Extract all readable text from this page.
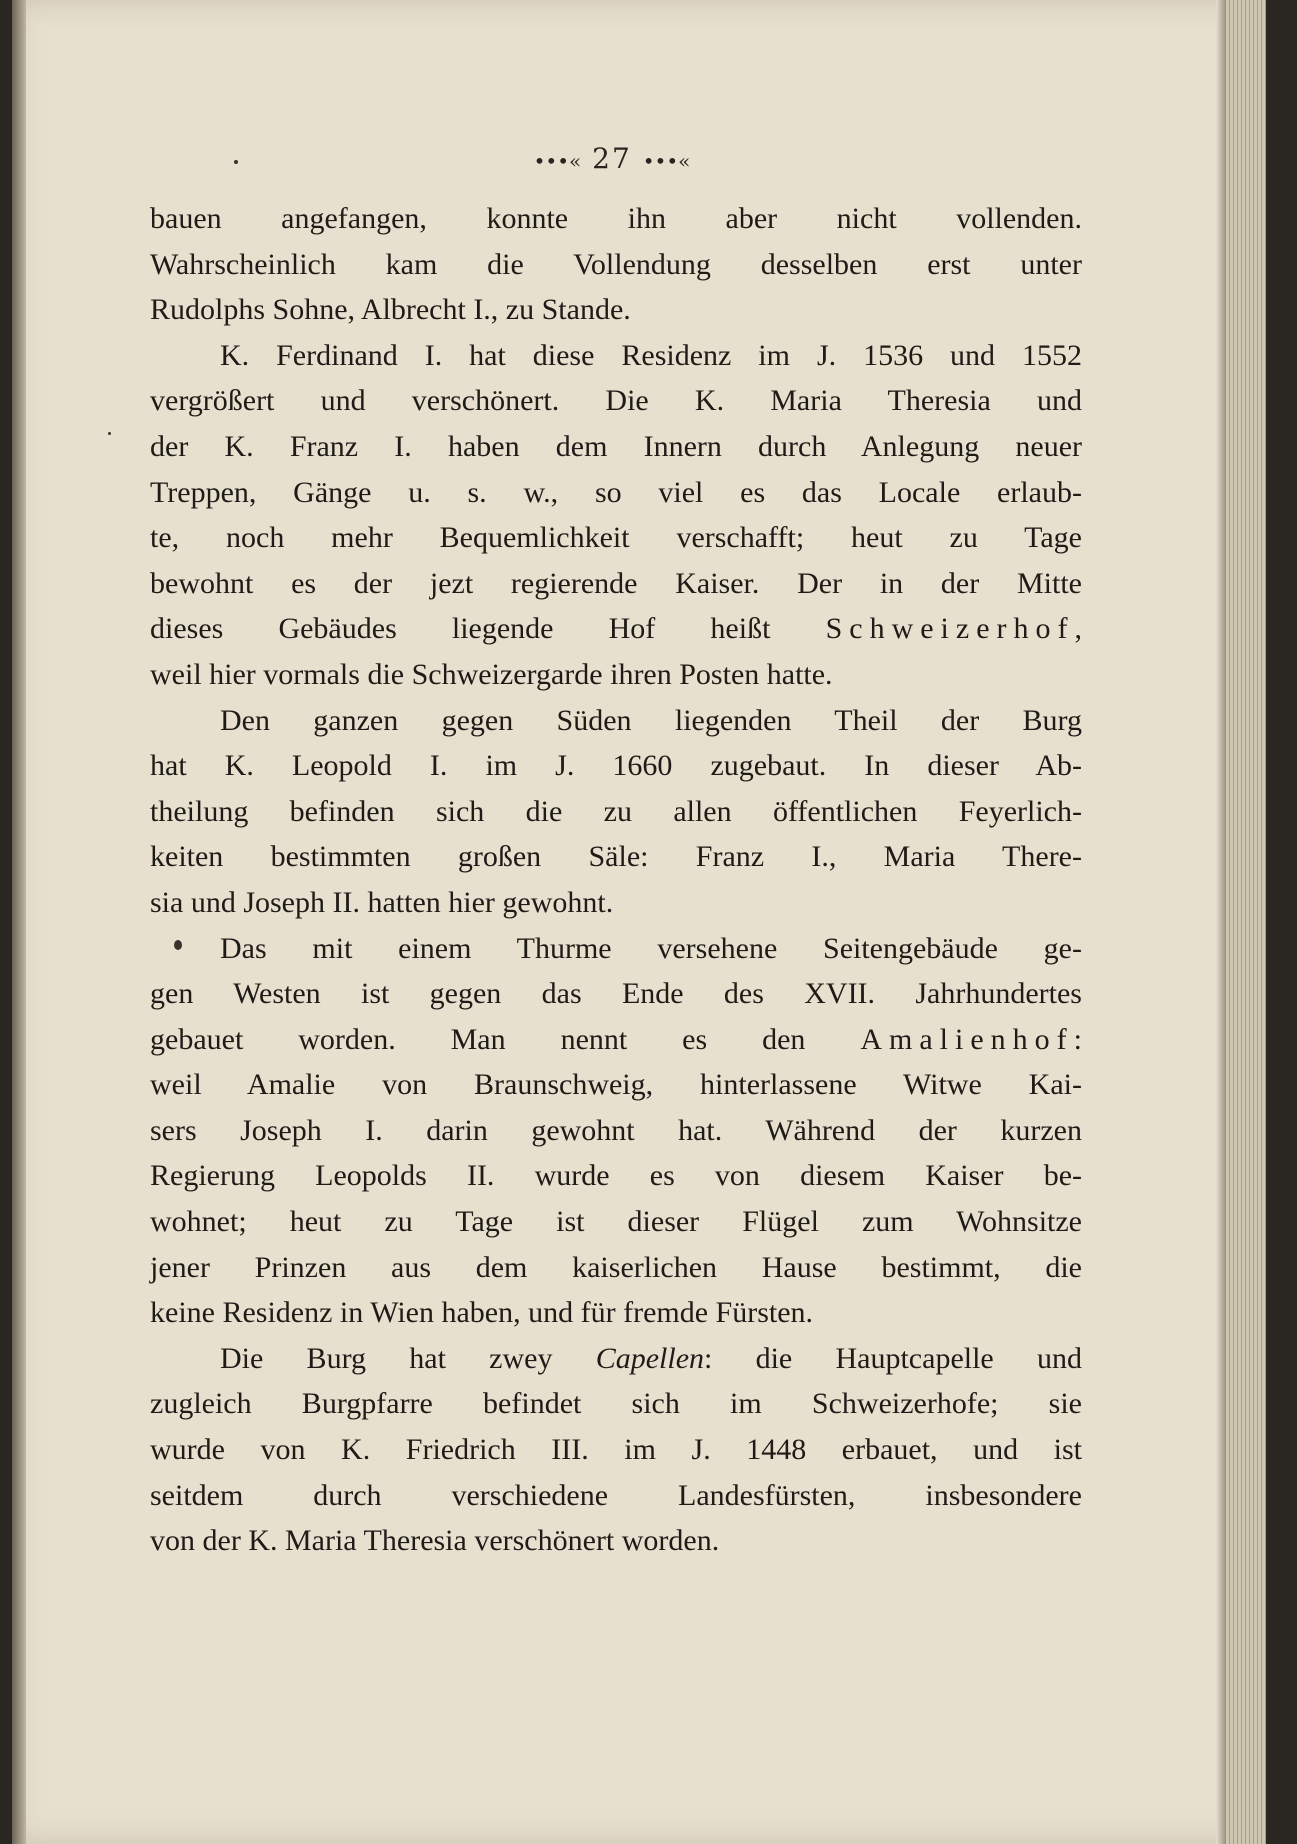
•••« 27 •••«
bauen angefangen, konnte ihn aber nicht vollenden.
Wahrscheinlich kam die Vollendung desselben erst unter
Rudolphs Sohne, Albrecht I., zu Stande.
K. Ferdinand I. hat diese Residenz im J. 1536 und 1552
vergrößert und verschönert. Die K. Maria Theresia und
der K. Franz I. haben dem Innern durch Anlegung neuer
Treppen, Gänge u. s. w., so viel es das Locale erlaub-
te, noch mehr Bequemlichkeit verschafft; heut zu Tage
bewohnt es der jezt regierende Kaiser. Der in der Mitte
dieses Gebäudes liegende Hof heißt Schweizerhof,
weil hier vormals die Schweizergarde ihren Posten hatte.
Den ganzen gegen Süden liegenden Theil der Burg
hat K. Leopold I. im J. 1660 zugebaut. In dieser Ab-
theilung befinden sich die zu allen öffentlichen Feyerlich-
keiten bestimmten großen Säle: Franz I., Maria There-
sia und Joseph II. hatten hier gewohnt.
Das mit einem Thurme versehene Seitengebäude ge-
gen Westen ist gegen das Ende des XVII. Jahrhundertes
gebauet worden. Man nennt es den Amalienhof:
weil Amalie von Braunschweig, hinterlassene Witwe Kai-
sers Joseph I. darin gewohnt hat. Während der kurzen
Regierung Leopolds II. wurde es von diesem Kaiser be-
wohnet; heut zu Tage ist dieser Flügel zum Wohnsitze
jener Prinzen aus dem kaiserlichen Hause bestimmt, die
keine Residenz in Wien haben, und für fremde Fürsten.
Die Burg hat zwey Capellen: die Hauptcapelle und
zugleich Burgpfarre befindet sich im Schweizerhofe; sie
wurde von K. Friedrich III. im J. 1448 erbauet, und ist
seitdem durch verschiedene Landesfürsten, insbesondere
von der K. Maria Theresia verschönert worden.
